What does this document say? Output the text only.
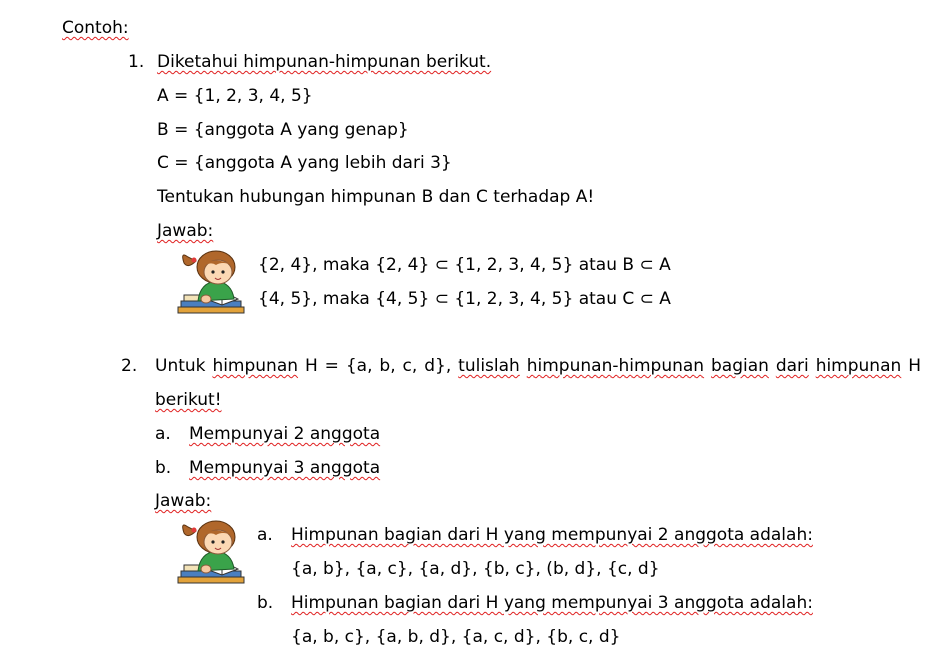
Contoh:
1. Diketahui himpunan-himpunan berikut.
A = {1, 2, 3, 4, 5}
B = {anggota A yang genap}
C = {anggota A yang lebih dari 3}
Tentukan hubungan himpunan B dan C terhadap A!
Jawab:
{2, 4}, maka {2, 4} ⊂ {1, 2, 3, 4, 5} atau B ⊂ A
{4, 5}, maka {4, 5} ⊂ {1, 2, 3, 4, 5} atau C ⊂ A
2. Untuk himpunan H = {a, b, c, d}, tulislah himpunan-himpunan bagian dari himpunan H
berikut!
a. Mempunyai 2 anggota
b. Mempunyai 3 anggota
Jawab:
a. Himpunan bagian dari H yang mempunyai 2 anggota adalah:
{a, b}, {a, c}, {a, d}, {b, c}, (b, d}, {c, d}
b. Himpunan bagian dari H yang mempunyai 3 anggota adalah:
{a, b, c}, {a, b, d}, {a, c, d}, {b, c, d}
